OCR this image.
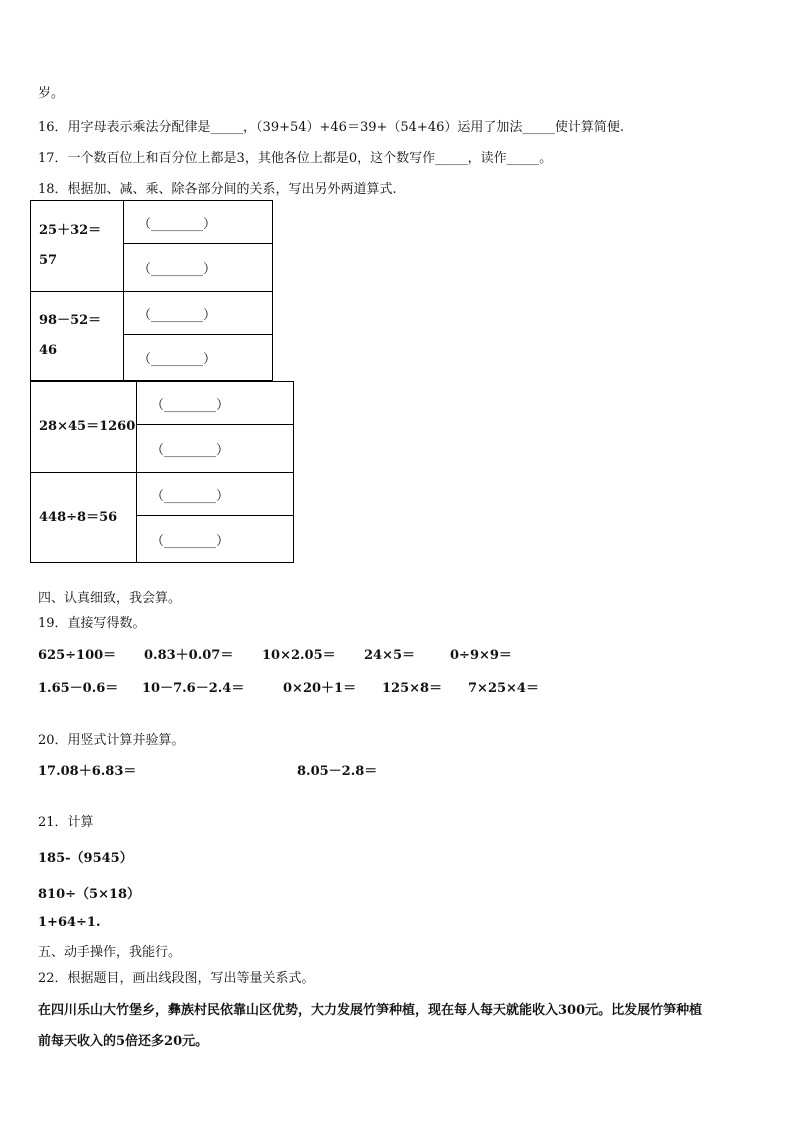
岁。
16．用字母表示乘法分配律是_____，（39+54）+46＝39+（54+46）运用了加法_____使计算简便.
17．一个数百位上和百分位上都是3，其他各位上都是0，这个数写作_____，读作_____。
18．根据加、减、乘、除各部分间的关系，写出另外两道算式.
25＋32＝
57	（________）
	（________）
98－52＝
46	（________）
	（________）
28×45＝1260	（________）
	（________）
448÷8＝56	（________）
	（________）
四、认真细致，我会算。
19．直接写得数。
625÷100＝ 0.83＋0.07＝ 10×2.05＝ 24×5＝	0÷9×9＝
1.65－0.6＝ 10－7.6－2.4＝	0×20＋1＝ 125×8＝ 7×25×4＝
20．用竖式计算并验算。
17.08＋6.83＝	8.05－2.8＝
21．计算
185-（9545）
810÷（5×18）
1+64÷1.
五、动手操作，我能行。
22．根据题目，画出线段图，写出等量关系式。
在四川乐山大竹堡乡，彝族村民依靠山区优势，大力发展竹笋种植，现在每人每天就能收入300元。比发展竹笋种植
前每天收入的5倍还多20元。
